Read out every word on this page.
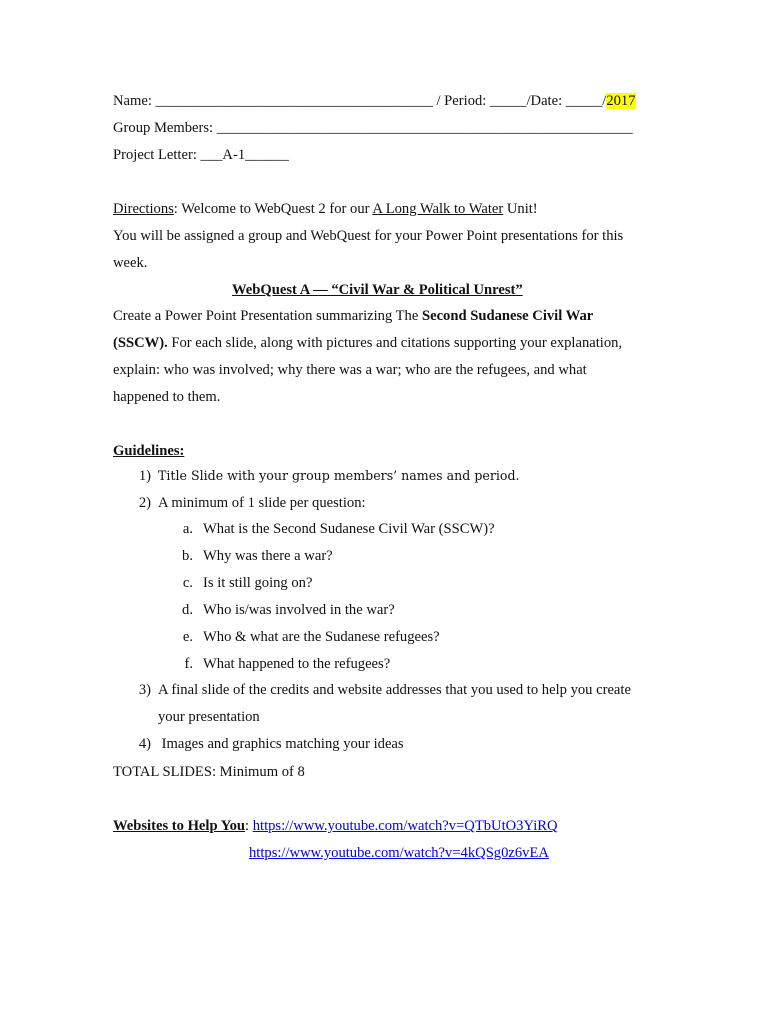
Name: ______________________________________ / Period: _____/Date: _____/2017
Group Members: _________________________________________________________
Project Letter: ___A-1______
Directions: Welcome to WebQuest 2 for our A Long Walk to Water Unit!
You will be assigned a group and WebQuest for your Power Point presentations for this
week.
WebQuest A — “Civil War & Political Unrest”
Create a Power Point Presentation summarizing The Second Sudanese Civil War
(SSCW). For each slide, along with pictures and citations supporting your explanation,
explain: who was involved; why there was a war; who are the refugees, and what
happened to them.
Guidelines:
1) Title Slide with your group members’ names and period.
2) A minimum of 1 slide per question:
a. What is the Second Sudanese Civil War (SSCW)?
b. Why was there a war?
c. Is it still going on?
d. Who is/was involved in the war?
e. Who & what are the Sudanese refugees?
f. What happened to the refugees?
3) A final slide of the credits and website addresses that you used to help you create
your presentation
4) Images and graphics matching your ideas
TOTAL SLIDES: Minimum of 8
Websites to Help You: https://www.youtube.com/watch?v=QTbUtO3YiRQ
https://www.youtube.com/watch?v=4kQSg0z6vEA
